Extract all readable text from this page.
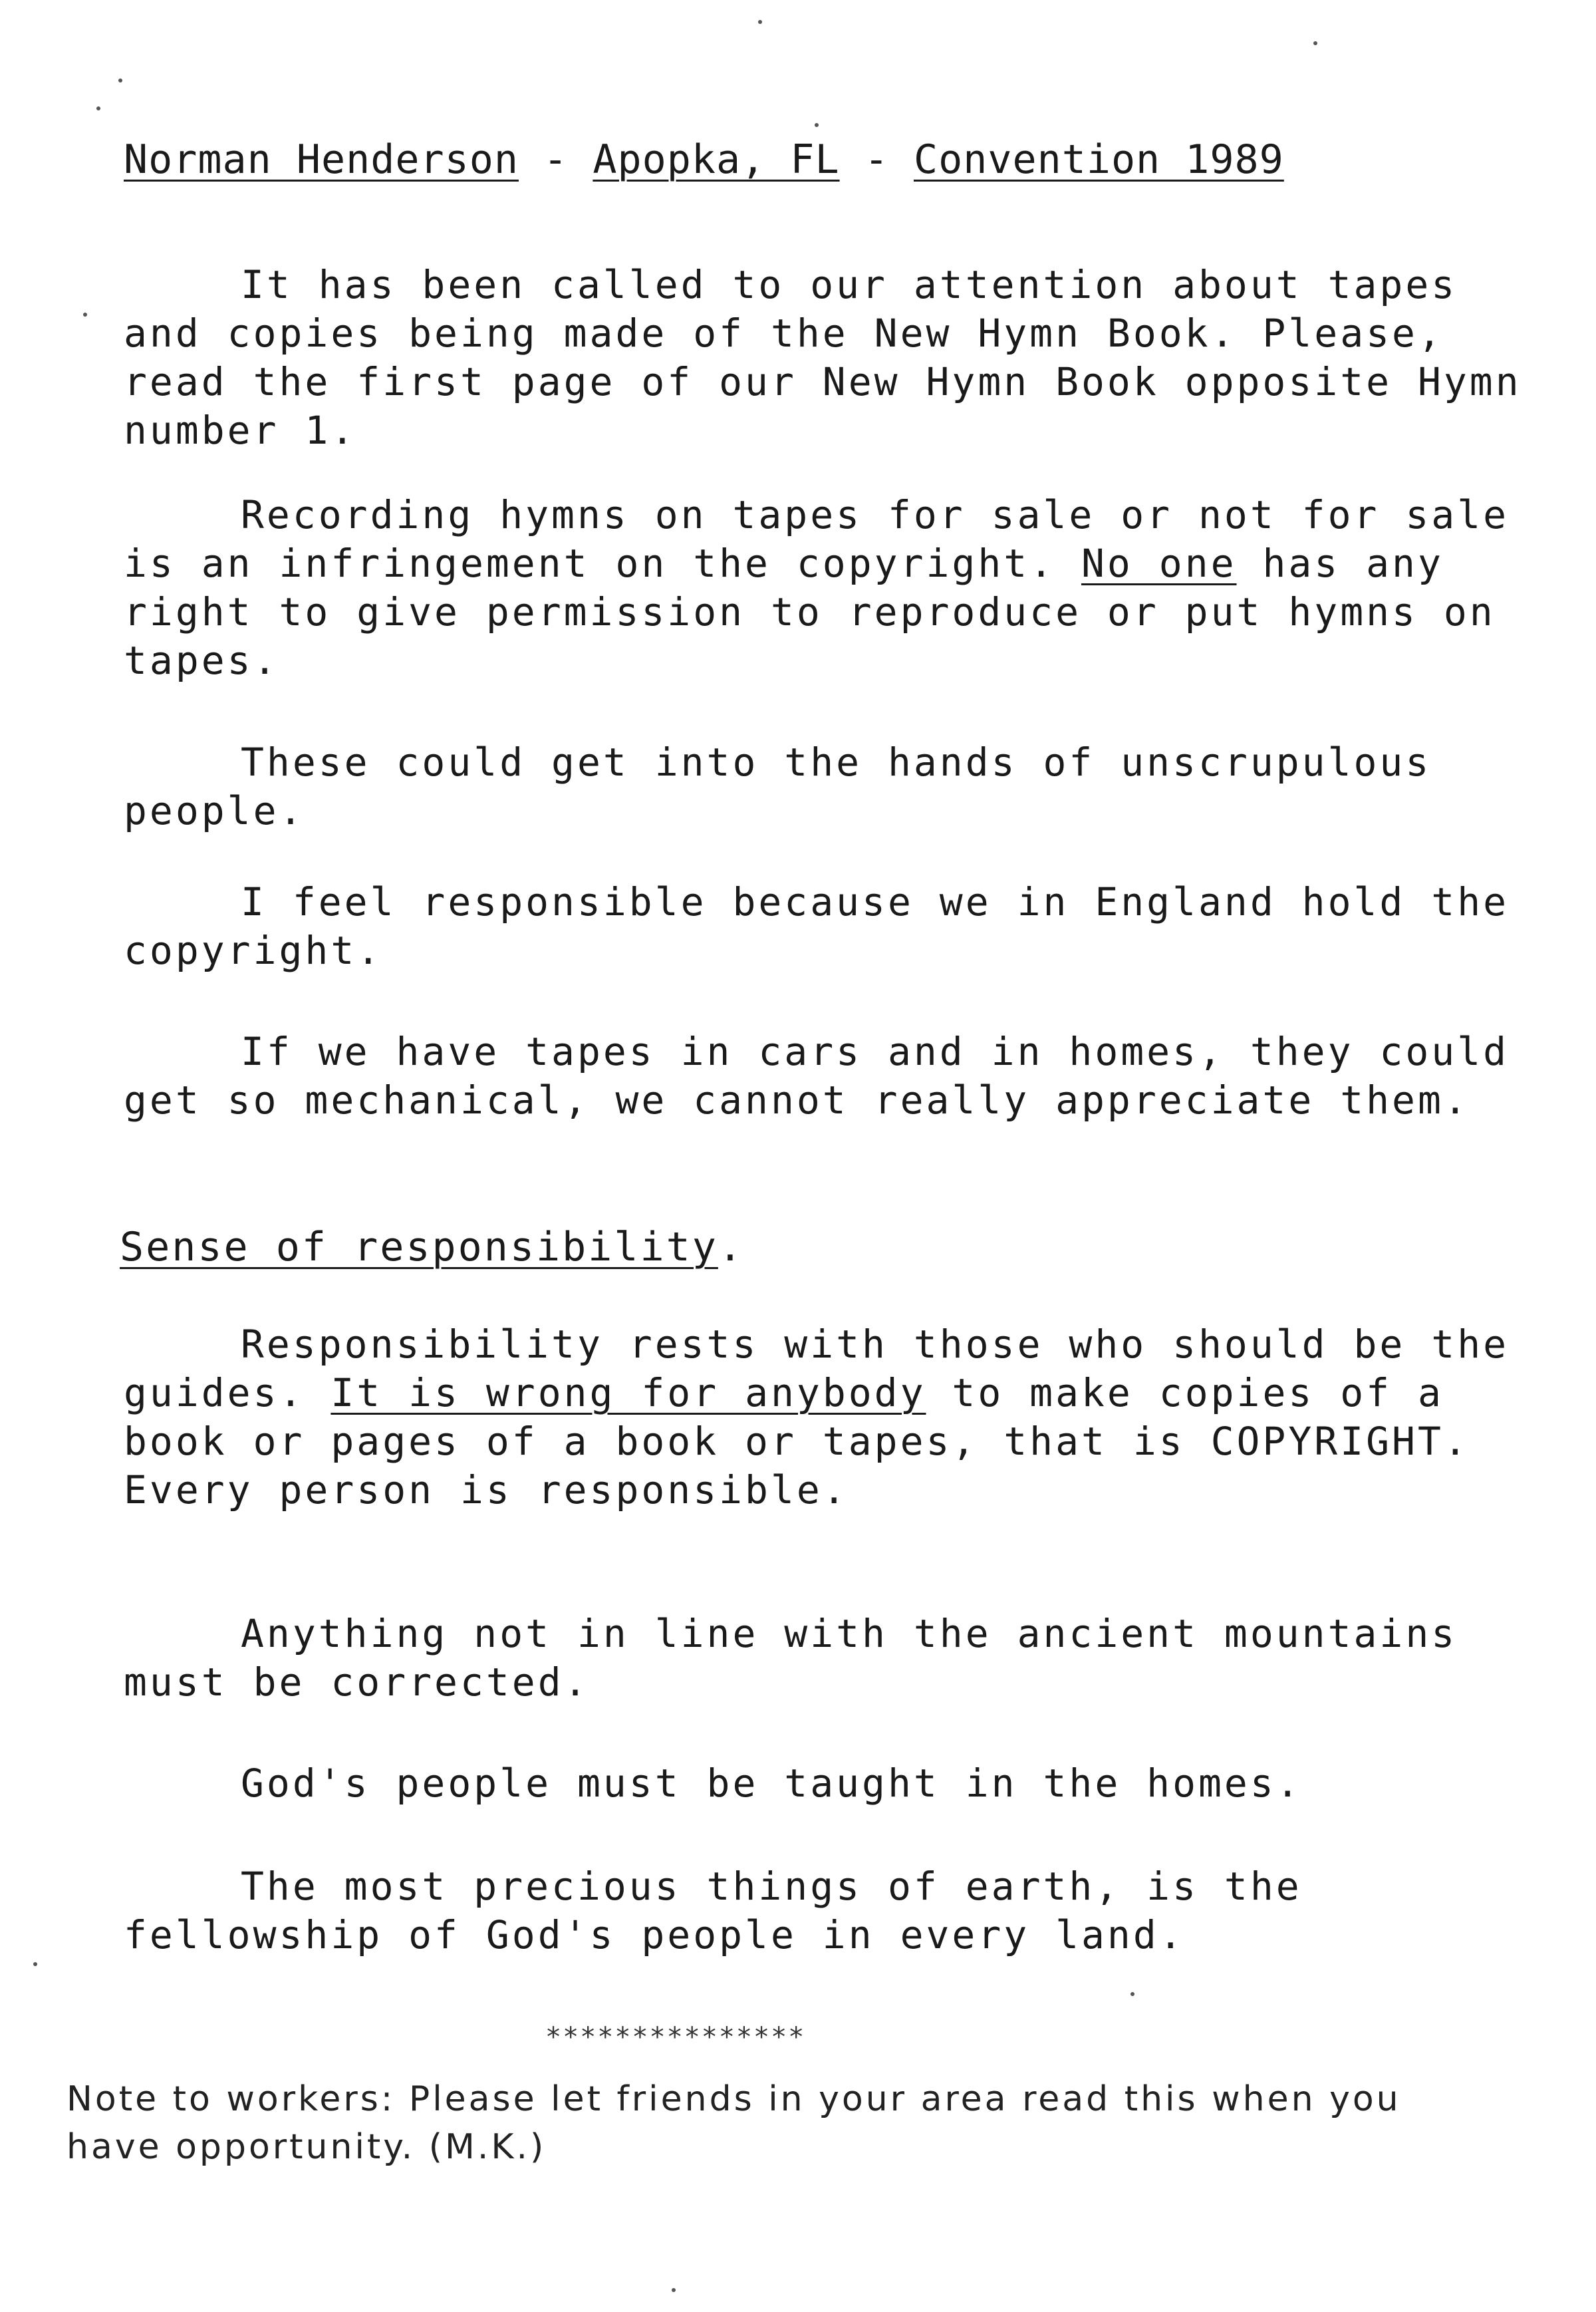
Norman Henderson - Apopka, FL - Convention 1989

It has been called to our attention about tapes and copies being made of the New Hymn Book. Please, read the first page of our New Hymn Book opposite Hymn number 1.

Recording hymns on tapes for sale or not for sale is an infringement on the copyright. No one has any right to give permission to reproduce or put hymns on tapes.

These could get into the hands of unscrupulous people.

I feel responsible because we in England hold the copyright.

If we have tapes in cars and in homes, they could get so mechanical, we cannot really appreciate them.

Sense of responsibility.

Responsibility rests with those who should be the guides. It is wrong for anybody to make copies of a book or pages of a book or tapes, that is COPYRIGHT. Every person is responsible.

Anything not in line with the ancient mountains must be corrected.

God's people must be taught in the homes.

The most precious things of earth, is the fellowship of God's people in every land.

***************

Note to workers: Please let friends in your area read this when you have opportunity. (M.K.)
